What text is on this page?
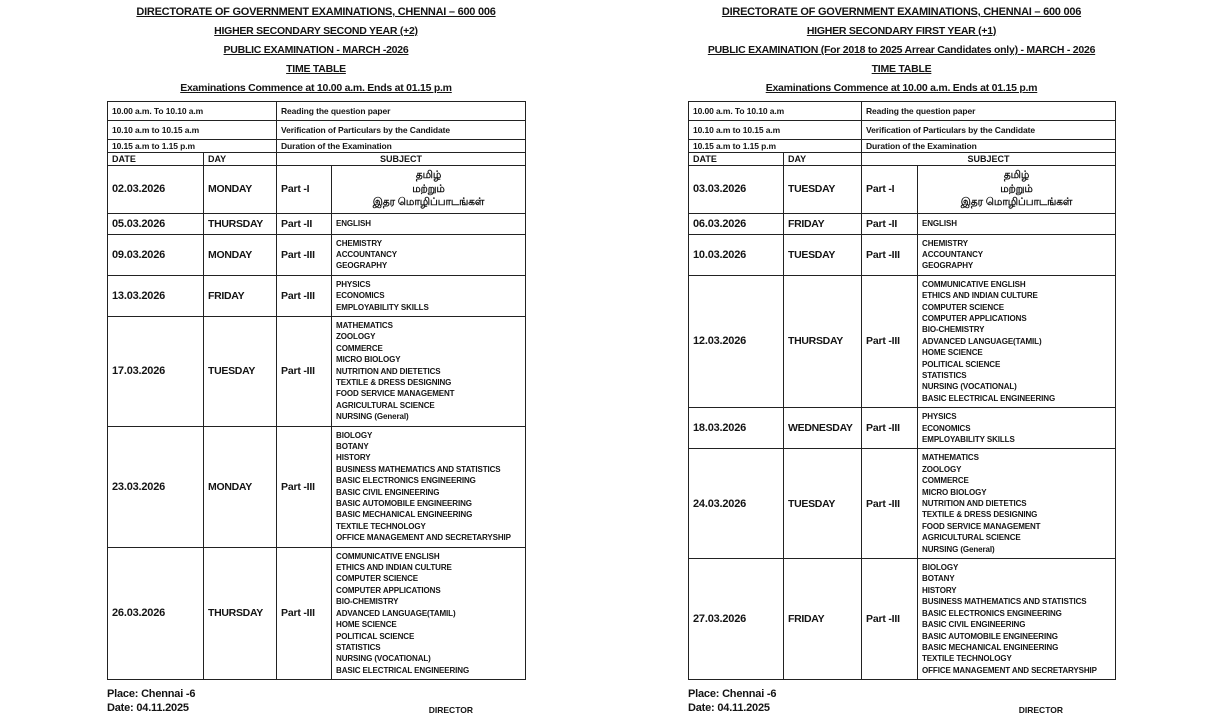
DIRECTORATE OF GOVERNMENT EXAMINATIONS, CHENNAI – 600 006
HIGHER SECONDARY SECOND YEAR (+2)
PUBLIC EXAMINATION - MARCH -2026
TIME TABLE
Examinations Commence at 10.00 a.m. Ends at 01.15 p.m
10.00 a.m. To 10.10 a.m		Reading the question paper	
10.10 a.m to 10.15 a.m		Verification of Particulars by the Candidate	
10.15 a.m to 1.15 p.m		Duration of the Examination	
DATE	DAY	SUBJECT	
02.03.2026	MONDAY	Part -I	தமிழ்
மற்றும்
இதர மொழிப்பாடங்கள்

05.03.2026	THURSDAY	Part -II	ENGLISH

09.03.2026	MONDAY	Part -III	CHEMISTRY
ACCOUNTANCY
GEOGRAPHY

13.03.2026	FRIDAY	Part -III	PHYSICS
ECONOMICS
EMPLOYABILITY SKILLS

17.03.2026	TUESDAY	Part -III	
MATHEMATICS
ZOOLOGY
COMMERCE
MICRO BIOLOGY
NUTRITION AND DIETETICS
TEXTILE & DRESS DESIGNING
FOOD SERVICE MANAGEMENT
AGRICULTURAL SCIENCE
NURSING (General)

23.03.2026	MONDAY	Part -III	
BIOLOGY
BOTANY
HISTORY
BUSINESS MATHEMATICS AND STATISTICS
BASIC ELECTRONICS ENGINEERING
BASIC CIVIL ENGINEERING
BASIC AUTOMOBILE ENGINEERING
BASIC MECHANICAL ENGINEERING
TEXTILE TECHNOLOGY
OFFICE MANAGEMENT AND SECRETARYSHIP

26.03.2026	THURSDAY	Part -III	
COMMUNICATIVE ENGLISH
ETHICS AND INDIAN CULTURE
COMPUTER SCIENCE
COMPUTER APPLICATIONS
BIO-CHEMISTRY
ADVANCED LANGUAGE(TAMIL)
HOME SCIENCE
POLITICAL SCIENCE
STATISTICS
NURSING (VOCATIONAL)
BASIC ELECTRICAL ENGINEERING
Place: Chennai -6
Date: 04.11.2025	DIRECTOR
DIRECTORATE OF GOVERNMENT EXAMINATIONS, CHENNAI – 600 006
HIGHER SECONDARY FIRST YEAR (+1)
PUBLIC EXAMINATION (For 2018 to 2025 Arrear Candidates only) - MARCH - 2026
TIME TABLE
Examinations Commence at 10.00 a.m. Ends at 01.15 p.m
10.00 a.m. To 10.10 a.m		Reading the question paper	
10.10 a.m to 10.15 a.m		Verification of Particulars by the Candidate	
10.15 a.m to 1.15 p.m		Duration of the Examination	
DATE	DAY	SUBJECT	
03.03.2026	TUESDAY	Part -I	தமிழ்
மற்றும்
இதர மொழிப்பாடங்கள்

06.03.2026	FRIDAY	Part -II	ENGLISH

10.03.2026	TUESDAY	Part -III	CHEMISTRY
ACCOUNTANCY
GEOGRAPHY

12.03.2026	THURSDAY	Part -III	
COMMUNICATIVE ENGLISH
ETHICS AND INDIAN CULTURE
COMPUTER SCIENCE
COMPUTER APPLICATIONS
BIO-CHEMISTRY
ADVANCED LANGUAGE(TAMIL)
HOME SCIENCE
POLITICAL SCIENCE
STATISTICS
NURSING (VOCATIONAL)
BASIC ELECTRICAL ENGINEERING

18.03.2026	WEDNESDAY	Part -III	PHYSICS
ECONOMICS
EMPLOYABILITY SKILLS

24.03.2026	TUESDAY	Part -III	
MATHEMATICS
ZOOLOGY
COMMERCE
MICRO BIOLOGY
NUTRITION AND DIETETICS
TEXTILE & DRESS DESIGNING
FOOD SERVICE MANAGEMENT
AGRICULTURAL SCIENCE
NURSING (General)

27.03.2026	FRIDAY	Part -III	
BIOLOGY
BOTANY
HISTORY
BUSINESS MATHEMATICS AND STATISTICS
BASIC ELECTRONICS ENGINEERING
BASIC CIVIL ENGINEERING
BASIC AUTOMOBILE ENGINEERING
BASIC MECHANICAL ENGINEERING
TEXTILE TECHNOLOGY
OFFICE MANAGEMENT AND SECRETARYSHIP
Place: Chennai -6
Date: 04.11.2025	DIRECTOR
